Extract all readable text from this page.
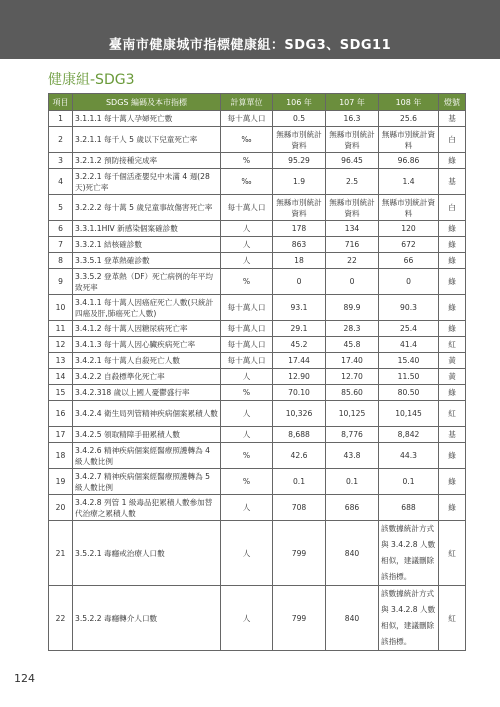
臺南市健康城市指標健康組：SDG3、SDG11
健康組-SDG3
項目	SDGS 編碼及本市指標	計算單位	106 年	107 年	108 年	燈號
1	3.1.1.1 每十萬人孕婦死亡數	每十萬人口	0.5	16.3	25.6	基
2	3.2.1.1 每千人 5 歲以下兒童死亡率	‰	無縣市別統計資料	無縣市別統計資料	無縣市別統計資料	白
3	3.2.1.2 預防接種完成率	%	95.29	96.45	96.86	綠
4	3.2.2.1 每千個活產嬰兒中未滿 4 週(28 天)死亡率	‰	1.9	2.5	1.4	基
5	3.2.2.2 每十萬 5 歲兒童事故傷害死亡率	每十萬人口	無縣市別統計資料	無縣市別統計資料	無縣市別統計資料	白
6	3.3.1.1HIV 新感染個案確診數	人	178	134	120	綠
7	3.3.2.1 結核確診數	人	863	716	672	綠
8	3.3.5.1 登革熱確診數	人	18	22	66	綠
9	3.3.5.2 登革熱（DF）死亡病例的年平均致死率	%	0	0	0	綠
10	3.4.1.1 每十萬人因癌症死亡人數(只統計四癌及肝,肺癌死亡人數)	每十萬人口	93.1	89.9	90.3	綠
11	3.4.1.2 每十萬人因糖尿病死亡率	每十萬人口	29.1	28.3	25.4	綠
12	3.4.1.3 每十萬人因心臟疾病死亡率	每十萬人口	45.2	45.8	41.4	紅
13	3.4.2.1 每十萬人自殺死亡人數	每十萬人口	17.44	17.40	15.40	黃
14	3.4.2.2 自殺標準化死亡率	人	12.90	12.70	11.50	黃
15	3.4.2.318 歲以上國人憂鬱盛行率	%	70.10	85.60	80.50	綠
16	3.4.2.4 衛生局列管精神疾病個案累積人數	人	10,326	10,125	10,145	紅
17	3.4.2.5 領取精障手冊累積人數	人	8,688	8,776	8,842	基
18	3.4.2.6 精神疾病個案經醫療照護轉為 4 級人數比例	%	42.6	43.8	44.3	綠
19	3.4.2.7 精神疾病個案經醫療照護轉為 5 級人數比例	%	0.1	0.1	0.1	綠
20	3.4.2.8 列管 1 級毒品犯累積人數參加替代治療之累積人數	人	708	686	688	綠
21	3.5.2.1 毒癮戒治療人口數	人	799	840	該數據統計方式與 3.4.2.8 人數相似，建議刪除該指標。	紅
22	3.5.2.2 毒癮轉介人口數	人	799	840	該數據統計方式與 3.4.2.8 人數相似，建議刪除該指標。	紅
124
